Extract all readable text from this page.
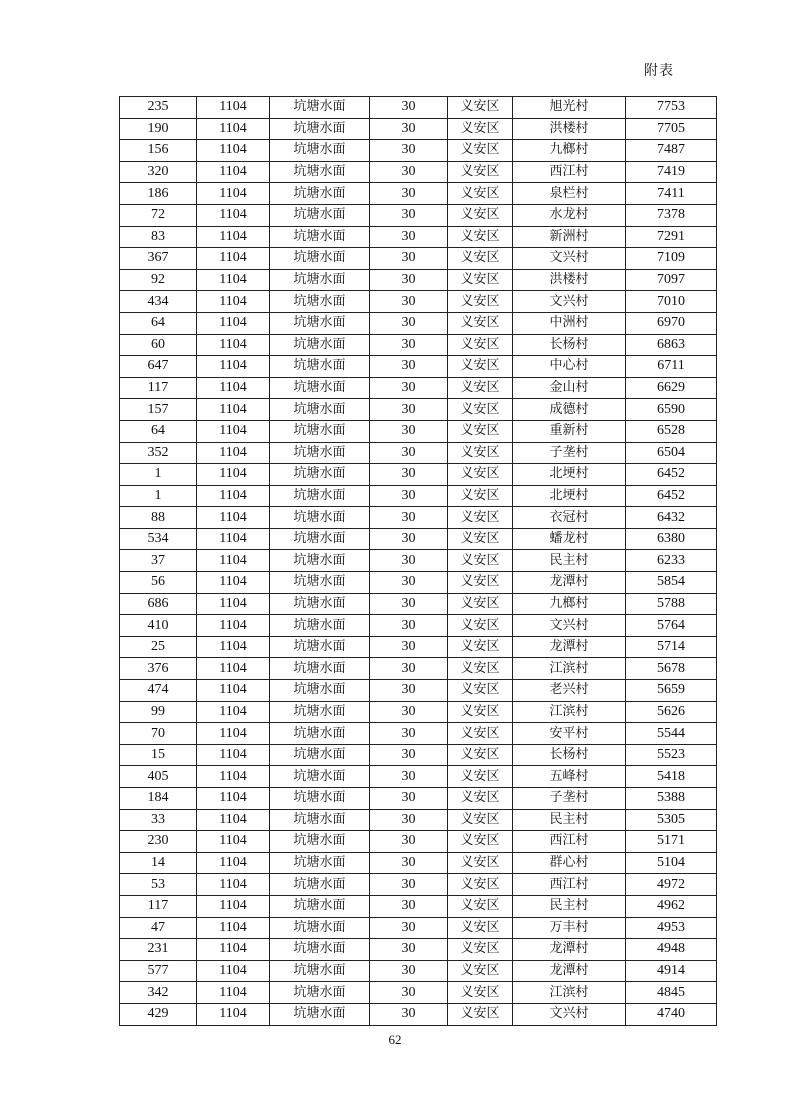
附表
235	1104	坑塘水面	30	义安区	旭光村	7753
190	1104	坑塘水面	30	义安区	洪楼村	7705
156	1104	坑塘水面	30	义安区	九榔村	7487
320	1104	坑塘水面	30	义安区	西江村	7419
186	1104	坑塘水面	30	义安区	泉栏村	7411
72	1104	坑塘水面	30	义安区	水龙村	7378
83	1104	坑塘水面	30	义安区	新洲村	7291
367	1104	坑塘水面	30	义安区	文兴村	7109
92	1104	坑塘水面	30	义安区	洪楼村	7097
434	1104	坑塘水面	30	义安区	文兴村	7010
64	1104	坑塘水面	30	义安区	中洲村	6970
60	1104	坑塘水面	30	义安区	长杨村	6863
647	1104	坑塘水面	30	义安区	中心村	6711
117	1104	坑塘水面	30	义安区	金山村	6629
157	1104	坑塘水面	30	义安区	成德村	6590
64	1104	坑塘水面	30	义安区	重新村	6528
352	1104	坑塘水面	30	义安区	子垄村	6504
1	1104	坑塘水面	30	义安区	北埂村	6452
1	1104	坑塘水面	30	义安区	北埂村	6452
88	1104	坑塘水面	30	义安区	衣冠村	6432
534	1104	坑塘水面	30	义安区	蟠龙村	6380
37	1104	坑塘水面	30	义安区	民主村	6233
56	1104	坑塘水面	30	义安区	龙潭村	5854
686	1104	坑塘水面	30	义安区	九榔村	5788
410	1104	坑塘水面	30	义安区	文兴村	5764
25	1104	坑塘水面	30	义安区	龙潭村	5714
376	1104	坑塘水面	30	义安区	江滨村	5678
474	1104	坑塘水面	30	义安区	老兴村	5659
99	1104	坑塘水面	30	义安区	江滨村	5626
70	1104	坑塘水面	30	义安区	安平村	5544
15	1104	坑塘水面	30	义安区	长杨村	5523
405	1104	坑塘水面	30	义安区	五峰村	5418
184	1104	坑塘水面	30	义安区	子垄村	5388
33	1104	坑塘水面	30	义安区	民主村	5305
230	1104	坑塘水面	30	义安区	西江村	5171
14	1104	坑塘水面	30	义安区	群心村	5104
53	1104	坑塘水面	30	义安区	西江村	4972
117	1104	坑塘水面	30	义安区	民主村	4962
47	1104	坑塘水面	30	义安区	万丰村	4953
231	1104	坑塘水面	30	义安区	龙潭村	4948
577	1104	坑塘水面	30	义安区	龙潭村	4914
342	1104	坑塘水面	30	义安区	江滨村	4845
429	1104	坑塘水面	30	义安区	文兴村	4740
62
